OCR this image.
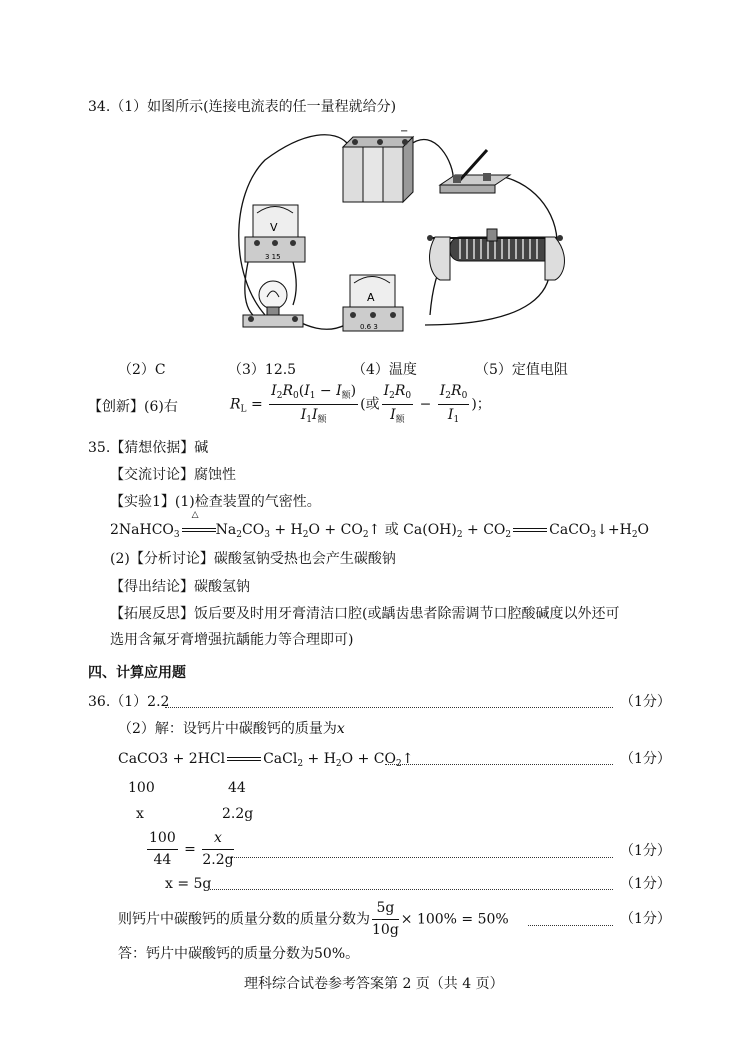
34.（1）如图所示(连接电流表的任一量程就给分)
−
V
3 15
A
0.6 3
（2）C	（3）12.5	（4）温度	（5）定值电阻
【创新】(6)右	$R_L = \frac{I_2R_0(I_1 - I_额)}{I_1I_额}$ (或 $\frac{I_2R_0}{I_额} - \frac{I_2R_0}{I_1}$ )；
35.【猜想依据】碱
【交流讨论】腐蚀性
【实验1】(1)检查装置的气密性。
2NaHCO$_3$
△
$Na_2CO_3 + H_2O$ + $CO_2↑$ 或 $Ca(OH)_2 + CO_2$	$CaCO_3↓+H_2O$
(2)【分析讨论】碳酸氢钠受热也会产生碳酸钠
【得出结论】碳酸氢钠
【拓展反思】饭后要及时用牙膏清洁口腔(或龋齿患者除需调节口腔酸碱度以外还可
选用含氟牙膏增强抗龋能力等合理即可)
四、计算应用题
36.（1）2.2	（1分）
（2）解：设钙片中碳酸钙的质量为x
CaCO3 + 2HCl	CaCl$_2$ + $H_2O$ + $CO_2↑$	（1分）
100	44
x	2.2g
$\frac{100}{44} = \frac{x}{2.2g}$	（1分）
x = 5g	（1分）
则钙片中碳酸钙的质量分数的质量分数为 $\frac{5g}{10g} \times 100\% = 50\%$	（1分）
答：钙片中碳酸钙的质量分数为50%。
理科综合试卷参考答案第 2 页（共 4 页）
